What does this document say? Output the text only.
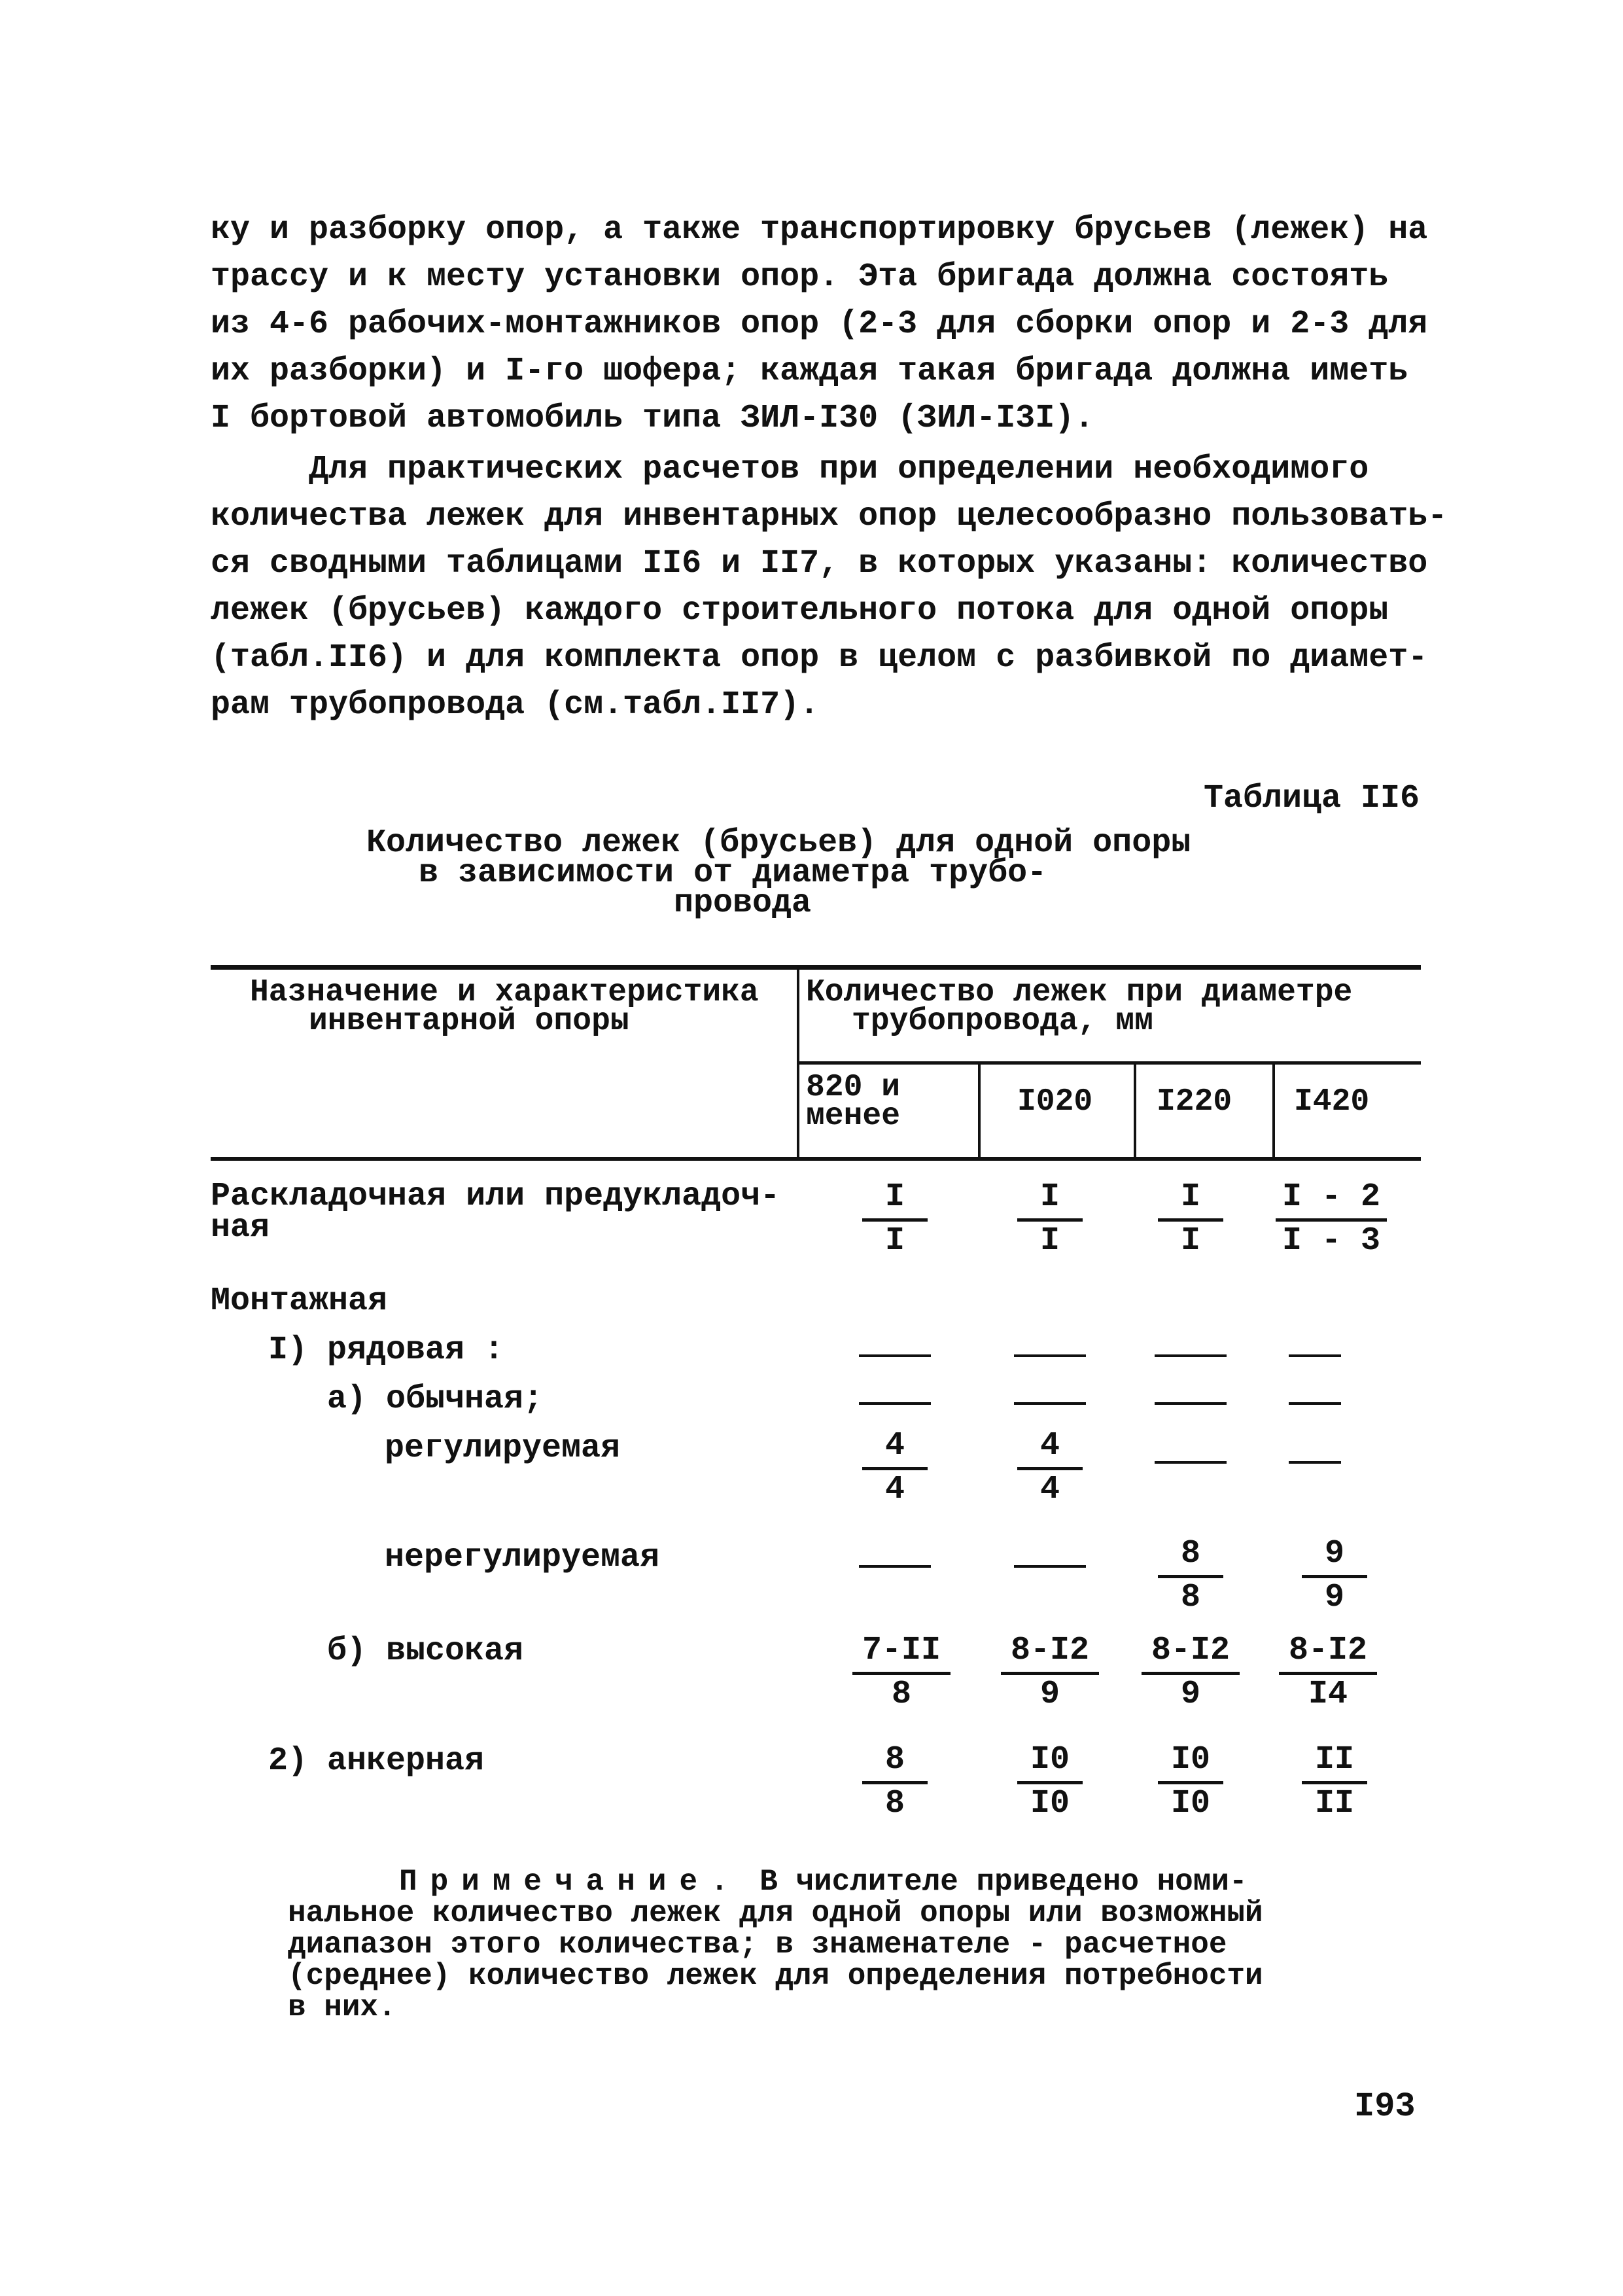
ку и разборку опор, а также транспортировку брусьев (лежек) на
трассу и к месту установки опор. Эта бригада должна состоять
из 4-6 рабочих-монтажников опор (2-3 для сборки опор и 2-3 для
их разборки) и I-го шофера; каждая такая бригада должна иметь
I бортовой автомобиль типа ЗИЛ-I30 (ЗИЛ-I3I).
Для практических расчетов при определении необходимого
количества лежек для инвентарных опор целесообразно пользовать-
ся сводными таблицами II6 и II7, в которых указаны: количество
лежек (брусьев) каждого строительного потока для одной опоры
(табл.II6) и для комплекта опор в целом с разбивкой по диамет-
рам трубопровода (см.табл.II7).
Таблица II6
Количество лежек (брусьев) для одной опоры
в зависимости от диаметра трубо-
провода
Назначение и характеристика
инвентарной опоры
Количество лежек при диаметре
трубопровода, мм
820 и
менее	I020 I220 I420
Раскладочная или предукладоч-
ная
Монтажная
I) рядовая :
а) обычная;
регулируемая
нерегулируемая
б) высокая
2) анкерная
$\frac{I}{I} \frac{I}{I} \frac{I}{I}$
$\frac{I - 2}{I - 3}$
$\frac{4}{4} \frac{4}{4}$
$\frac{8}{8} \frac{9}{9}$
$\frac{7-II}{8} \frac{8-I2}{9} \frac{8-I2}{9} \frac{8-I2}{I4}$
$\frac{8}{8} \frac{I0}{I0} \frac{I0}{I0} \frac{II}{II}$
Примечание. В числителе приведено номи-
нальное количество лежек для одной опоры или возможный
диапазон этого количества; в знаменателе - расчетное
(среднее) количество лежек для определения потребности
в них.
I93
